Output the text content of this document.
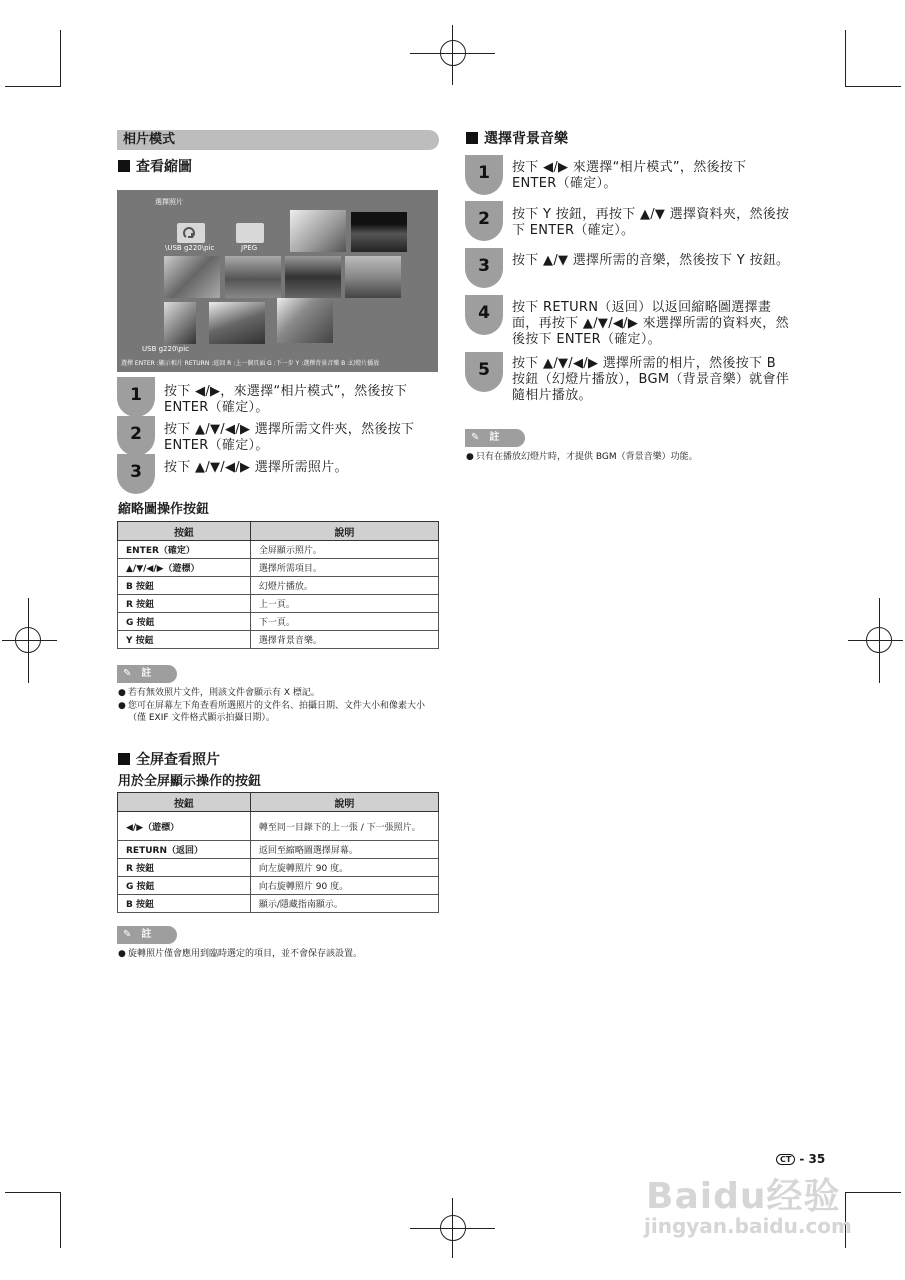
相片模式
查看縮圖
選擇照片
\USB g220\pic	JPEG
USB g220\pic
選擇 ENTER :顯示相片 RETURN :返回 R :上一個頁面 G :下一步 Y :選擇背景音樂 B :幻燈片播放
1	按下 ◀/▶，來選擇“相片模式”，然後按下 ENTER（確定）。
2	按下 ▲/▼/◀/▶ 選擇所需文件夾，然後按下 ENTER（確定）。
3	按下 ▲/▼/◀/▶ 選擇所需照片。
縮略圖操作按鈕
按鈕	說明
ENTER（確定）	全屏顯示照片。
▲/▼/◀/▶（遊標）	選擇所需項目。
B 按鈕	幻燈片播放。
R 按鈕	上一頁。
G 按鈕	下一頁。
Y 按鈕	選擇背景音樂。
✎ 註
● 若有無效照片文件，則該文件會顯示有 X 標記。
● 您可在屏幕左下角查看所選照片的文件名、拍攝日期、文件大小和像素大小（僅 EXIF 文件格式顯示拍攝日期）。
全屏查看照片
用於全屏顯示操作的按鈕
按鈕	說明
◀/▶（遊標）	轉至同一目錄下的上一張 / 下一張照片。
RETURN（返回）	返回至縮略圖選擇屏幕。
R 按鈕	向左旋轉照片 90 度。
G 按鈕	向右旋轉照片 90 度。
B 按鈕	顯示/隱藏指南顯示。
✎ 註
● 旋轉照片僅會應用到臨時選定的項目，並不會保存該設置。
選擇背景音樂
1	按下 ◀/▶ 來選擇“相片模式”，然後按下 ENTER（確定）。
2	按下 Y 按鈕，再按下 ▲/▼ 選擇資料夾，然後按下 ENTER（確定）。
3	按下 ▲/▼ 選擇所需的音樂，然後按下 Y 按鈕。
4	按下 RETURN（返回）以返回縮略圖選擇畫面，再按下 ▲/▼/◀/▶ 來選擇所需的資料夾，然後按下 ENTER（確定）。
5	按下 ▲/▼/◀/▶ 選擇所需的相片，然後按下 B 按鈕（幻燈片播放），BGM（背景音樂）就會伴隨相片播放。
✎ 註
● 只有在播放幻燈片時，才提供 BGM（背景音樂）功能。
CT - 35
Baidu经验
jingyan.baidu.com
